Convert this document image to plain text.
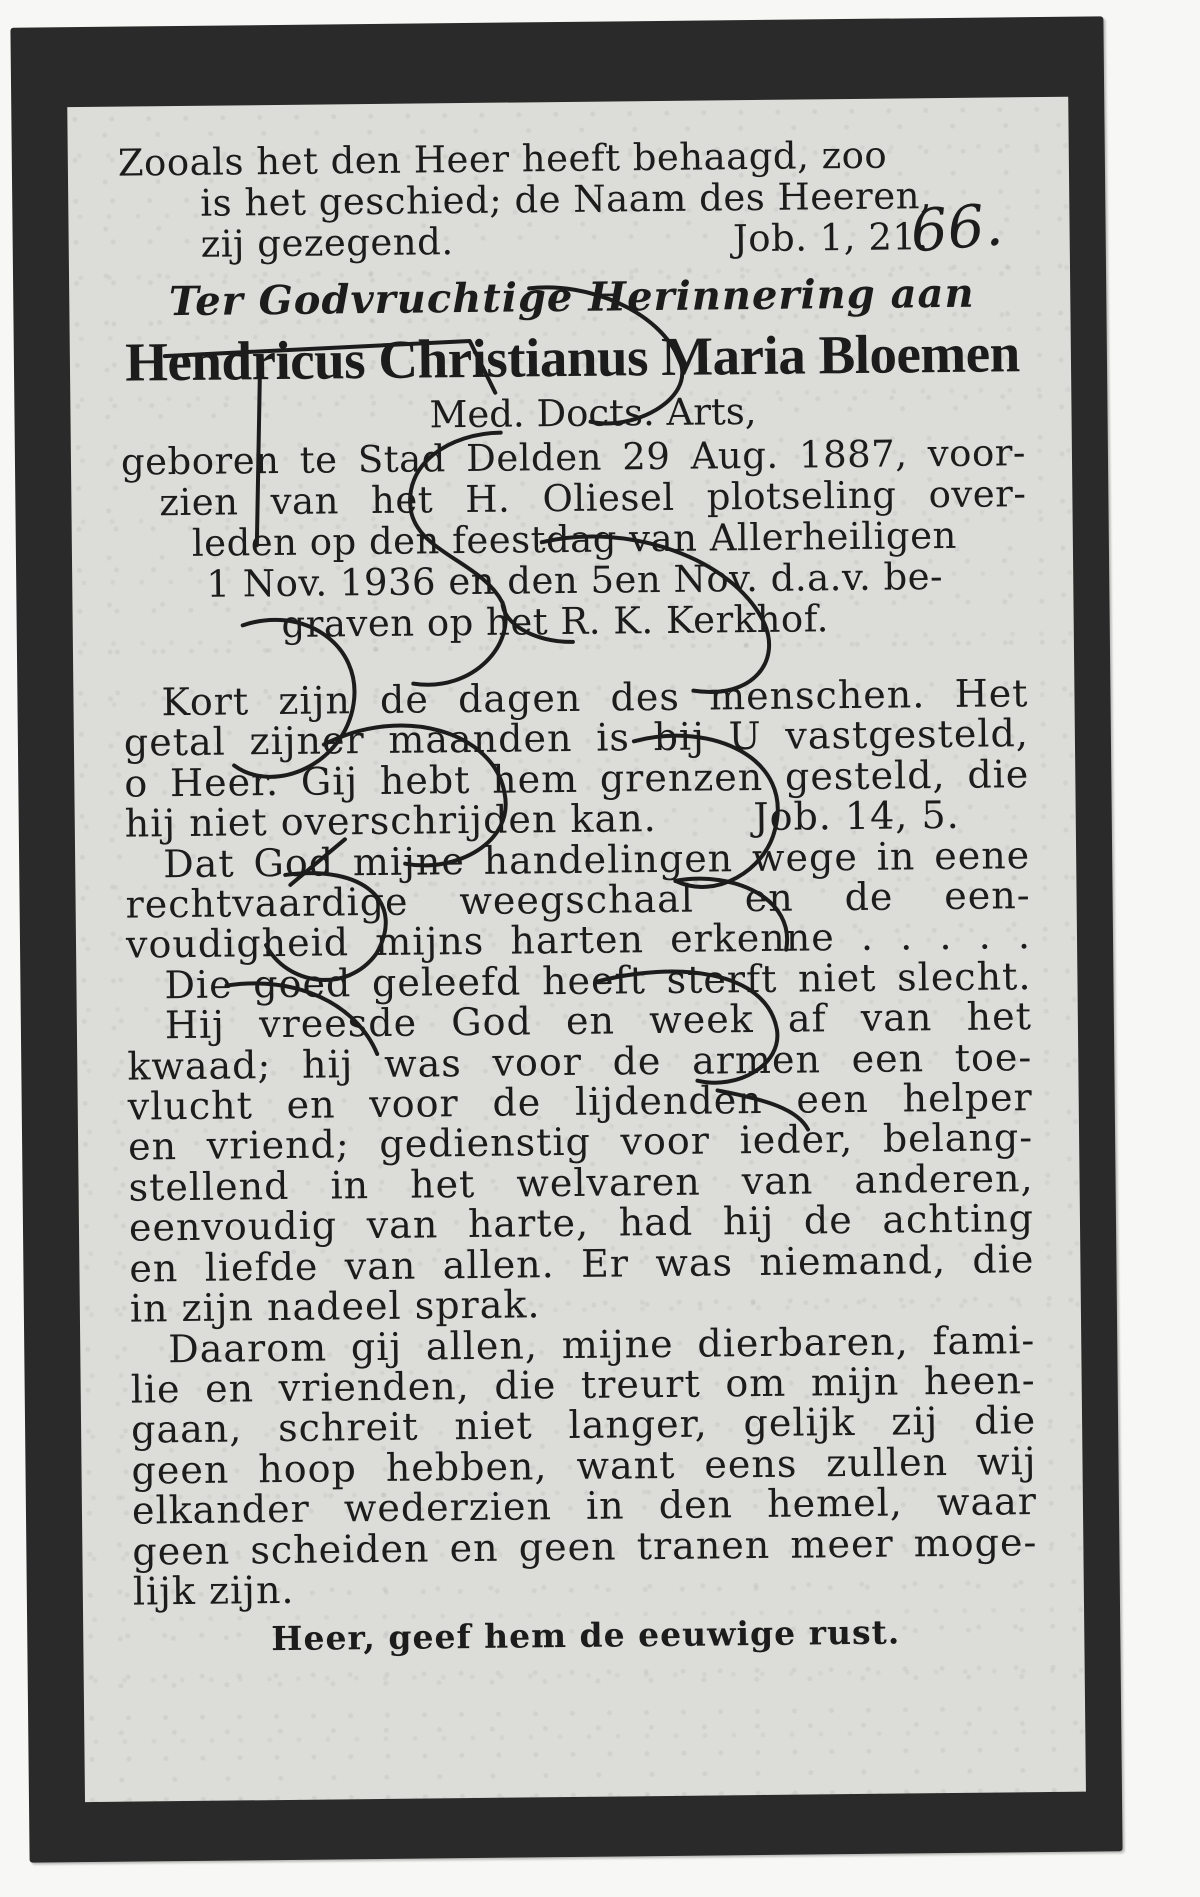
Zooals het den Heer heeft behaagd, zoo
is het geschied; de Naam des Heeren,
zij gezegend.	Job. 1, 21.
Ter Godvruchtige Herinnering aan
Hendricus Christianus Maria Bloemen
Med. Docts. Arts,
geboren te Stad Delden 29 Aug. 1887, voor-
zien van het H. Oliesel plotseling over-
leden op den feestdag van Allerheiligen
1 Nov. 1936 en den 5en Nov. d.a.v. be-
graven op het R. K. Kerkhof.
Kort zijn de dagen des menschen. Het
getal zijner maanden is bij U vastgesteld,
o Heer. Gij hebt hem grenzen gesteld, die
hij niet overschrijden kan.	Job. 14, 5.
Dat God mijne handelingen wege in eene
rechtvaardige weegschaal en de een-
voudigheid mijns harten erkenne . . . . .
Die goed geleefd heeft sterft niet slecht.
Hij vreesde God en week af van het
kwaad; hij was voor de armen een toe-
vlucht en voor de lijdenden een helper
en vriend; gedienstig voor ieder, belang-
stellend in het welvaren van anderen,
eenvoudig van harte, had hij de achting
en liefde van allen. Er was niemand, die
in zijn nadeel sprak.
Daarom gij allen, mijne dierbaren, fami-
lie en vrienden, die treurt om mijn heen-
gaan, schreit niet langer, gelijk zij die
geen hoop hebben, want eens zullen wij
elkander wederzien in den hemel, waar
geen scheiden en geen tranen meer moge-
lijk zijn.
Heer, geef hem de eeuwige rust.
66.
